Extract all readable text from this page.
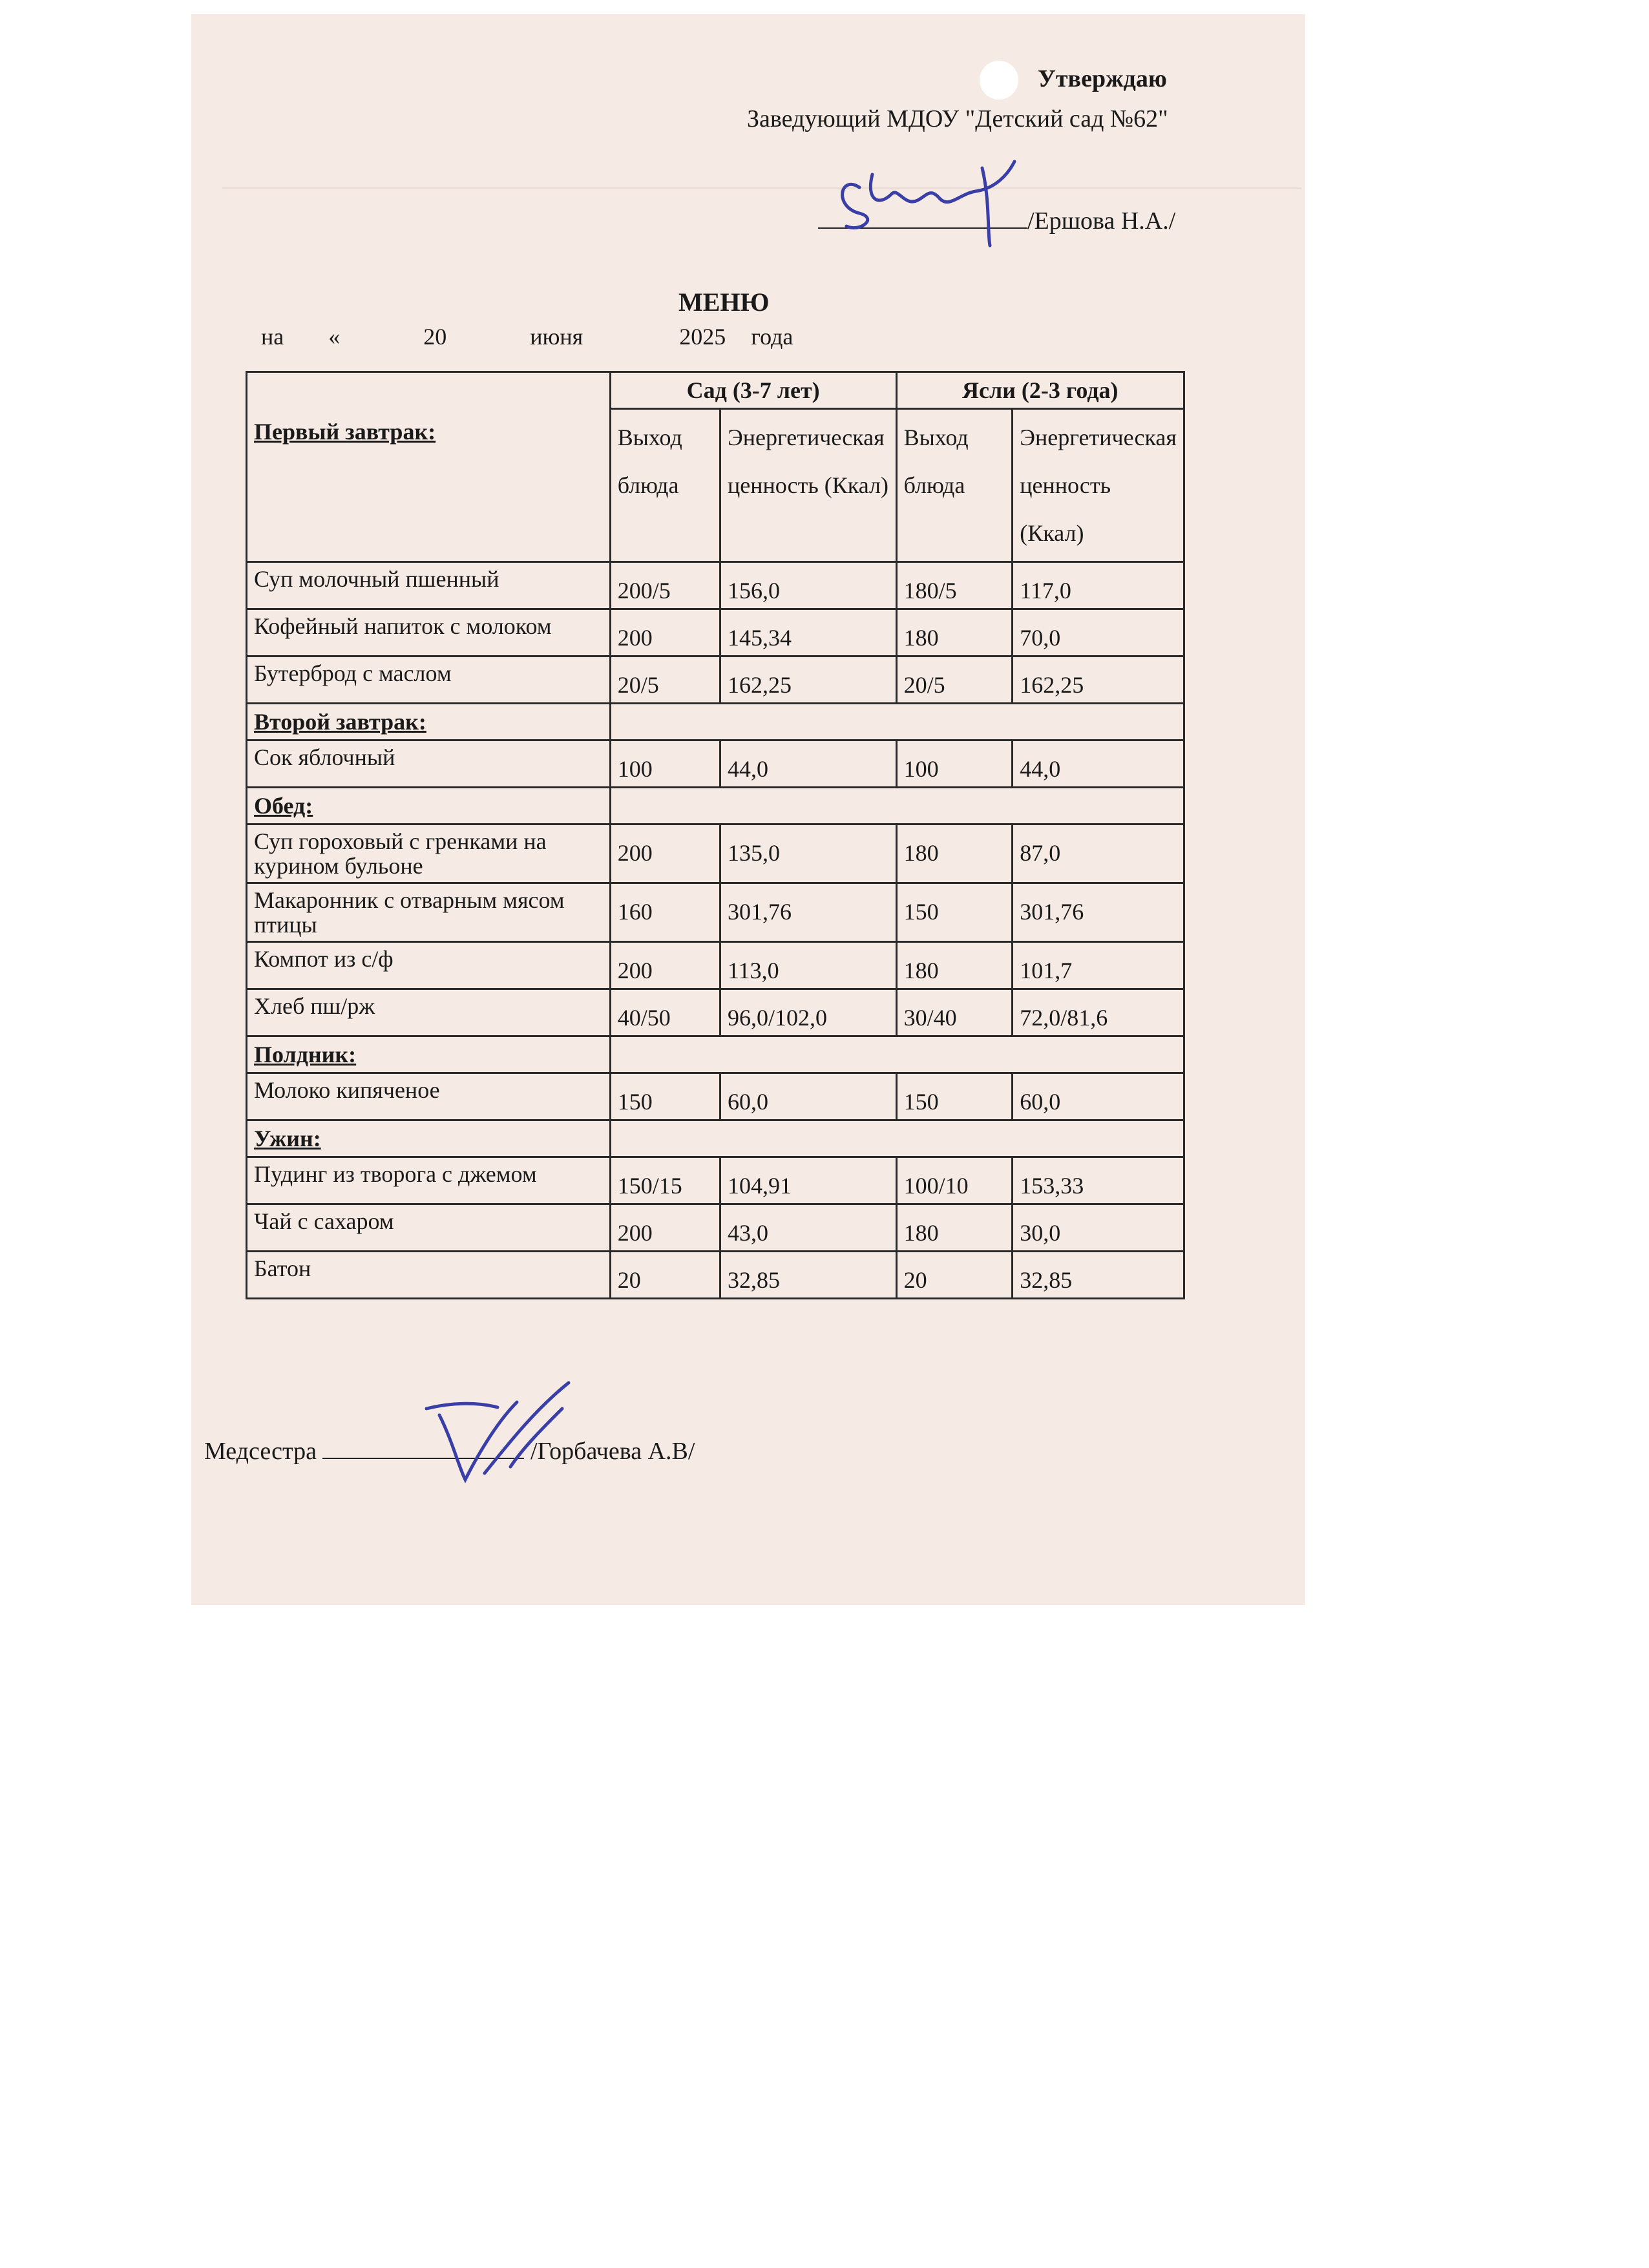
Утверждаю
Заведующий МДОУ "Детский сад №62"
/Ершова Н.А./
МЕНЮ
на «	20	июня	2025 года
Первый завтрак:	Сад (3-7 лет)		Ясли (2-3 года)	
	Выход блюда	Энергетическая ценность (Ккал)	Выход блюда	Энергетическая ценность (Ккал)
Суп молочный пшенный	200/5	156,0	180/5	117,0
Кофейный напиток с молоком	200	145,34	180	70,0
Бутерброд с маслом	20/5	162,25	20/5	162,25
Второй завтрак:				
Сок яблочный	100	44,0	100	44,0
Обед:				
Суп гороховый с гренками на курином бульоне	200	135,0	180	87,0
Макаронник с отварным мясом птицы	160	301,76	150	301,76
Компот из с/ф	200	113,0	180	101,7
Хлеб пш/рж	40/50	96,0/102,0	30/40	72,0/81,6
Полдник:				
Молоко кипяченое	150	60,0	150	60,0
Ужин:				
Пудинг из творога с джемом	150/15	104,91	100/10	153,33
Чай с сахаром	200	43,0	180	30,0
Батон	20	32,85	20	32,85
Медсестра	/Горбачева А.В/
